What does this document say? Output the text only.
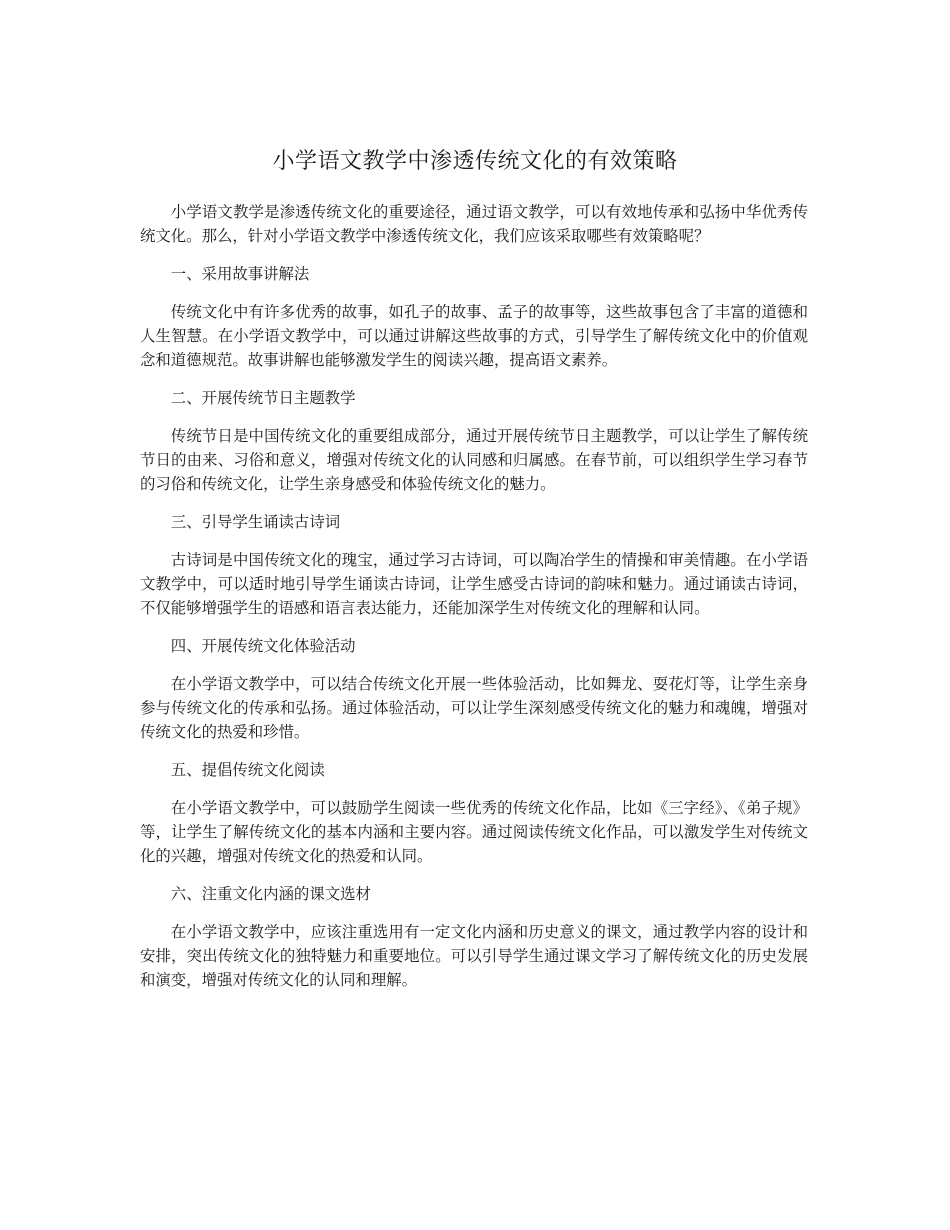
小学语文教学中渗透传统文化的有效策略

小学语文教学是渗透传统文化的重要途径，通过语文教学，可以有效地传承和弘扬中华优秀传统文化。那么，针对小学语文教学中渗透传统文化，我们应该采取哪些有效策略呢？

一、采用故事讲解法

传统文化中有许多优秀的故事，如孔子的故事、孟子的故事等，这些故事包含了丰富的道德和人生智慧。在小学语文教学中，可以通过讲解这些故事的方式，引导学生了解传统文化中的价值观念和道德规范。故事讲解也能够激发学生的阅读兴趣，提高语文素养。

二、开展传统节日主题教学

传统节日是中国传统文化的重要组成部分，通过开展传统节日主题教学，可以让学生了解传统节日的由来、习俗和意义，增强对传统文化的认同感和归属感。在春节前，可以组织学生学习春节的习俗和传统文化，让学生亲身感受和体验传统文化的魅力。

三、引导学生诵读古诗词

古诗词是中国传统文化的瑰宝，通过学习古诗词，可以陶冶学生的情操和审美情趣。在小学语文教学中，可以适时地引导学生诵读古诗词，让学生感受古诗词的韵味和魅力。通过诵读古诗词，不仅能够增强学生的语感和语言表达能力，还能加深学生对传统文化的理解和认同。

四、开展传统文化体验活动

在小学语文教学中，可以结合传统文化开展一些体验活动，比如舞龙、耍花灯等，让学生亲身参与传统文化的传承和弘扬。通过体验活动，可以让学生深刻感受传统文化的魅力和魂魄，增强对传统文化的热爱和珍惜。

五、提倡传统文化阅读

在小学语文教学中，可以鼓励学生阅读一些优秀的传统文化作品，比如《三字经》、《弟子规》等，让学生了解传统文化的基本内涵和主要内容。通过阅读传统文化作品，可以激发学生对传统文化的兴趣，增强对传统文化的热爱和认同。

六、注重文化内涵的课文选材

在小学语文教学中，应该注重选用有一定文化内涵和历史意义的课文，通过教学内容的设计和安排，突出传统文化的独特魅力和重要地位。可以引导学生通过课文学习了解传统文化的历史发展和演变，增强对传统文化的认同和理解。
